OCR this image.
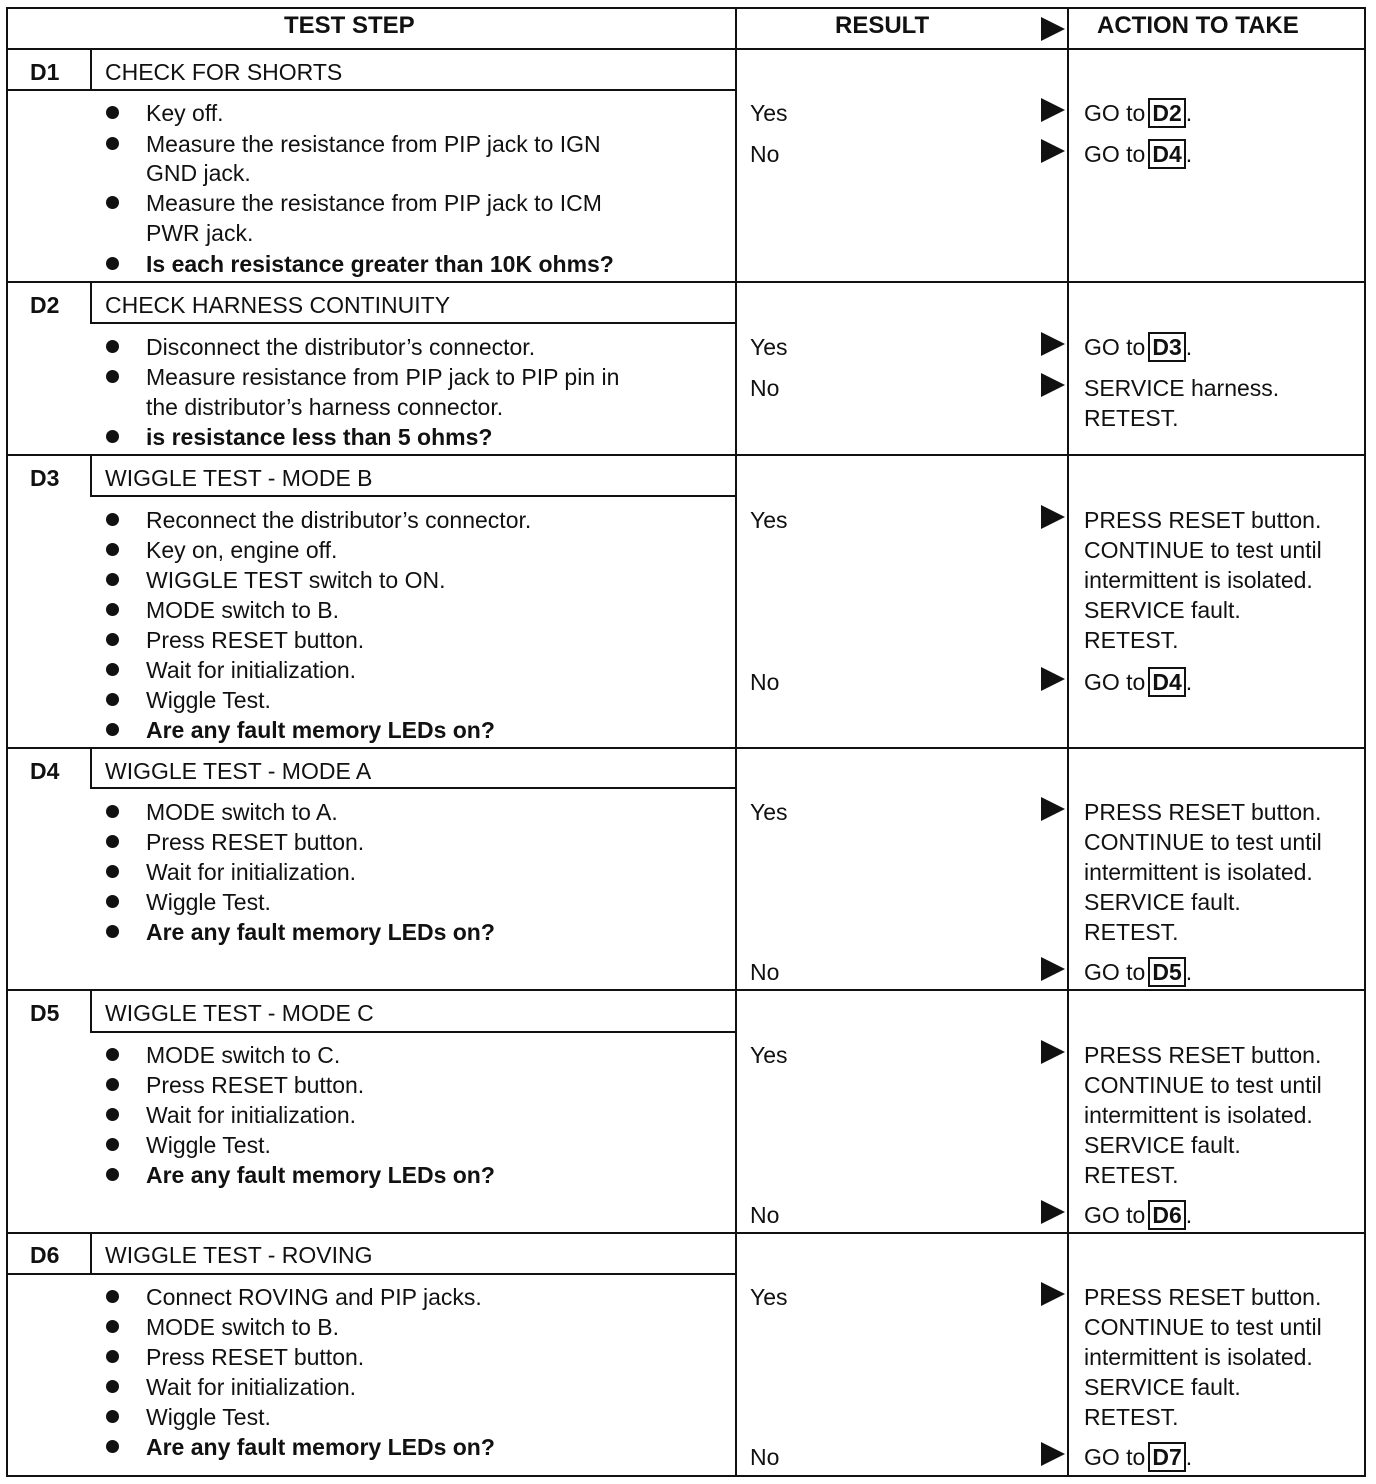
TEST STEP	RESULT	ACTION TO TAKE
D1 CHECK FOR SHORTS
Key off.
Measure the resistance from PIP jack to IGN
GND jack.
Measure the resistance from PIP jack to ICM
PWR jack.
Is each resistance greater than 10K ohms?
Yes
No
GO to D2 .
GO to D4 .
D2 CHECK HARNESS CONTINUITY
Disconnect the distributor’s connector.
Measure resistance from PIP jack to PIP pin in
the distributor’s harness connector.
is resistance less than 5 ohms?
Yes
No
GO to D3 .
SERVICE harness.
RETEST.
D3 WIGGLE TEST - MODE B
Reconnect the distributor’s connector.
Key on, engine off.
WIGGLE TEST switch to ON.
MODE switch to B.
Press RESET button.
Wait for initialization.
Wiggle Test.
Are any fault memory LEDs on?
Yes
No
PRESS RESET button.
CONTINUE to test until
intermittent is isolated.
SERVICE fault.
RETEST.
GO to D4 .
D4 WIGGLE TEST - MODE A
MODE switch to A.
Press RESET button.
Wait for initialization.
Wiggle Test.
Are any fault memory LEDs on?
Yes
No
PRESS RESET button.
CONTINUE to test until
intermittent is isolated.
SERVICE fault.
RETEST.
GO to D5 .
D5 WIGGLE TEST - MODE C
MODE switch to C.
Press RESET button.
Wait for initialization.
Wiggle Test.
Are any fault memory LEDs on?
Yes
No
PRESS RESET button.
CONTINUE to test until
intermittent is isolated.
SERVICE fault.
RETEST.
GO to D6 .
D6 WIGGLE TEST - ROVING
Connect ROVING and PIP jacks.
MODE switch to B.
Press RESET button.
Wait for initialization.
Wiggle Test.
Are any fault memory LEDs on?
Yes
No
PRESS RESET button.
CONTINUE to test until
intermittent is isolated.
SERVICE fault.
RETEST.
GO to D7 .
